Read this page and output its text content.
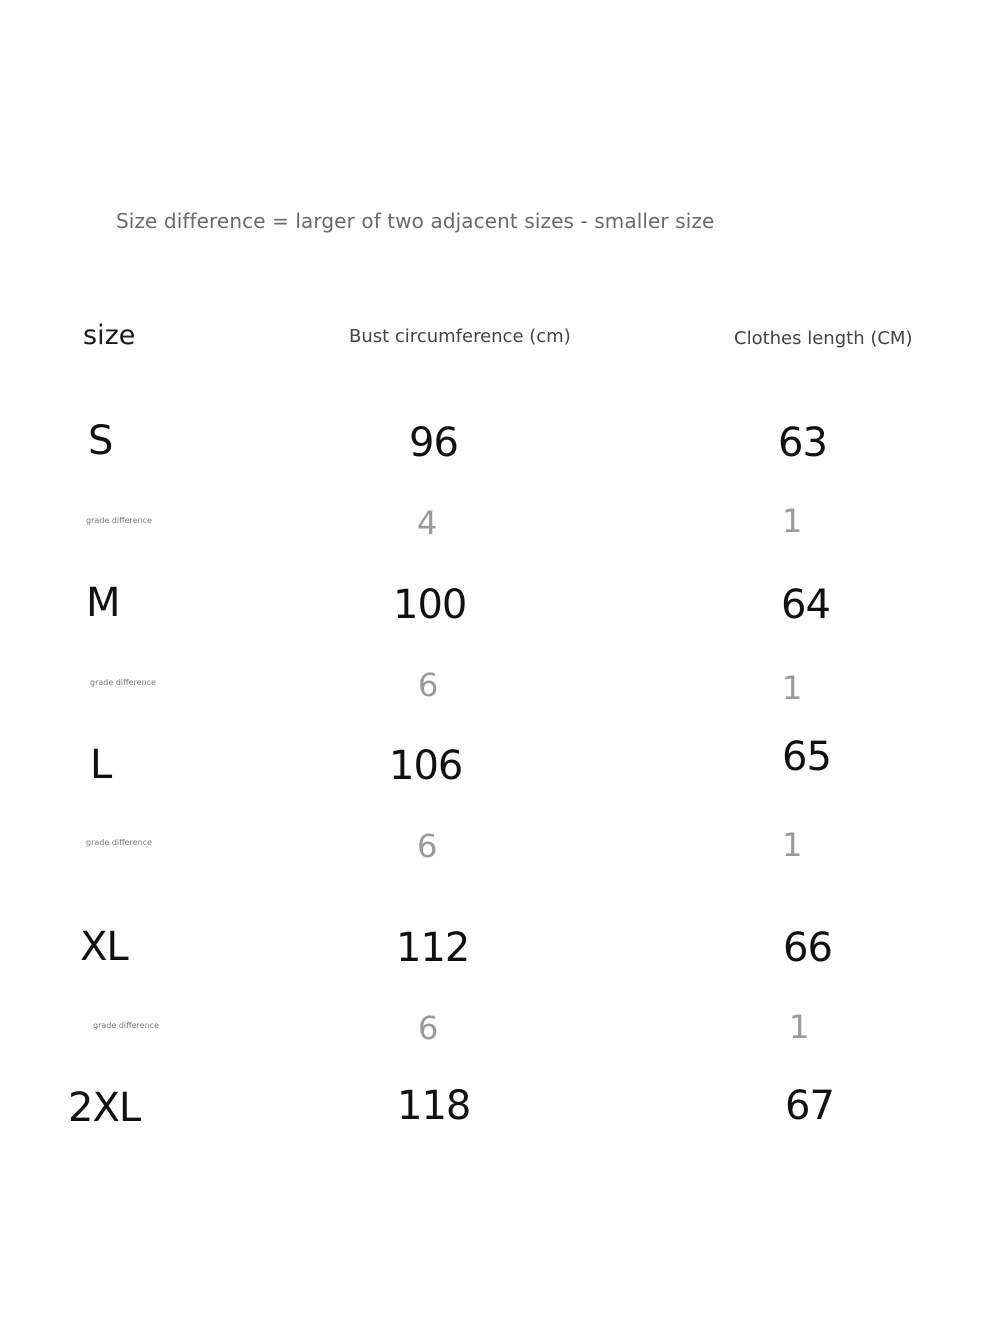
Size difference = larger of two adjacent sizes - smaller size
size	Bust circumference (cm)	Clothes length (CM)
S	96	63
grade difference	4	1
M	100	64
grade difference	6	1
L	106	65
grade difference	6	1
XL	112	66
grade difference	6	1
2XL	118	67
